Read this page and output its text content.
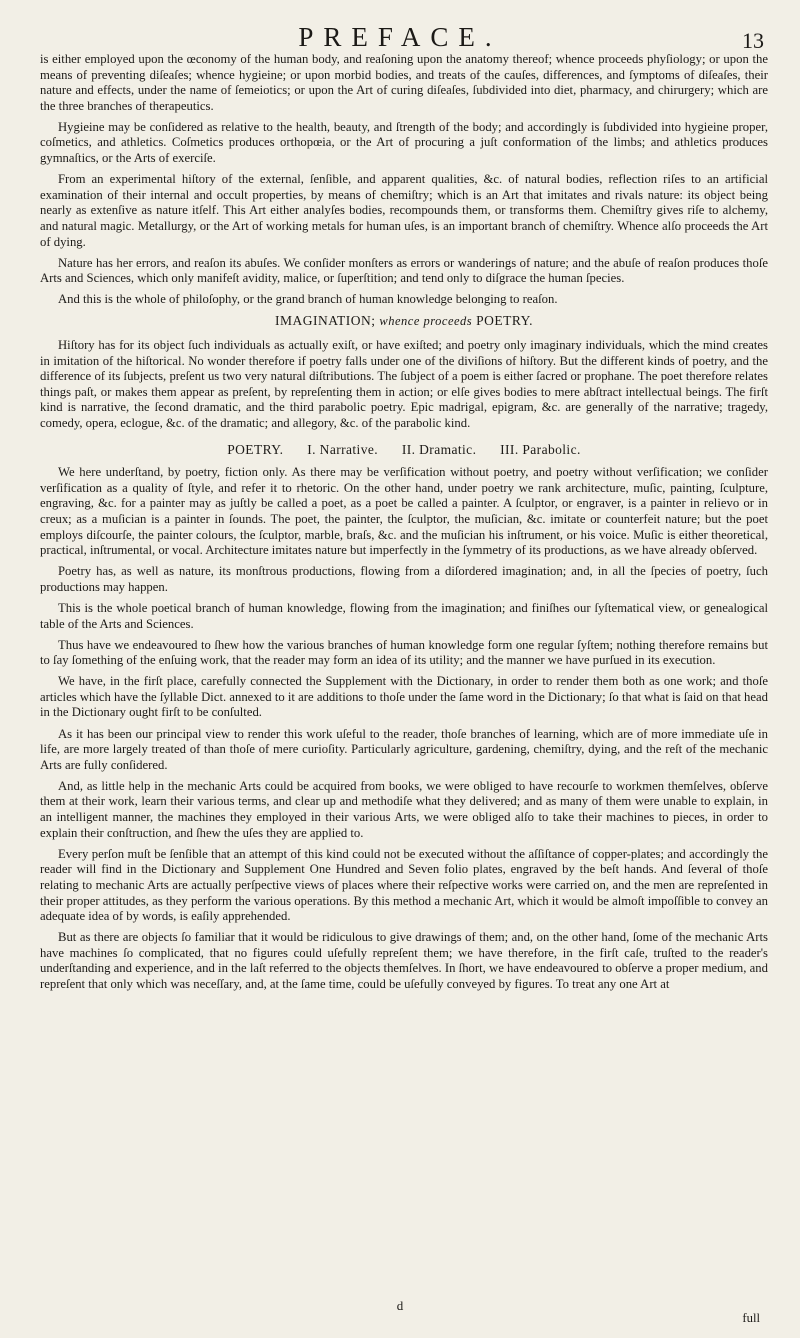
PREFACE.	13

is either employed upon the œconomy of the human body, and reaſoning upon the anatomy thereof; whence proceeds phyſiology; or upon the means of preventing diſeaſes; whence hygieine; or upon morbid bodies, and treats of the cauſes, differences, and ſymptoms of diſeaſes, their nature and effects, under the name of ſemeiotics; or upon the Art of curing diſeaſes, ſubdivided into diet, pharmacy, and chirurgery; which are the three branches of therapeutics.

Hygieine may be conſidered as relative to the health, beauty, and ſtrength of the body; and accordingly is ſubdivided into hygieine proper, coſmetics, and athletics. Coſmetics produces orthopœia, or the Art of procuring a juſt conformation of the limbs; and athletics produces gymnaſtics, or the Arts of exerciſe.

From an experimental hiſtory of the external, ſenſible, and apparent qualities, &c. of natural bodies, reflection riſes to an artificial examination of their internal and occult properties, by means of chemiſtry; which is an Art that imitates and rivals nature: its object being nearly as extenſive as nature itſelf. This Art either analyſes bodies, recompounds them, or transforms them. Chemiſtry gives riſe to alchemy, and natural magic. Metallurgy, or the Art of working metals for human uſes, is an important branch of chemiſtry. Whence alſo proceeds the Art of dying.

Nature has her errors, and reaſon its abuſes. We conſider monſters as errors or wanderings of nature; and the abuſe of reaſon produces thoſe Arts and Sciences, which only manifeſt avidity, malice, or ſuperſtition; and tend only to diſgrace the human ſpecies.

And this is the whole of philoſophy, or the grand branch of human knowledge belonging to reaſon.

IMAGINATION; whence proceeds POETRY.

Hiſtory has for its object ſuch individuals as actually exiſt, or have exiſted; and poetry only imaginary individuals, which the mind creates in imitation of the hiſtorical. No wonder therefore if poetry falls under one of the diviſions of hiſtory. But the different kinds of poetry, and the difference of its ſubjects, preſent us two very natural diſtributions. The ſubject of a poem is either ſacred or prophane. The poet therefore relates things paſt, or makes them appear as preſent, by repreſenting them in action; or elſe gives bodies to mere abſtract intellectual beings. The firſt kind is narrative, the ſecond dramatic, and the third parabolic poetry. Epic madrigal, epigram, &c. are generally of the narrative; tragedy, comedy, opera, eclogue, &c. of the dramatic; and allegory, &c. of the parabolic kind.

POETRY. I. Narrative. II. Dramatic. III. Parabolic.

We here underſtand, by poetry, fiction only. As there may be verſification without poetry, and poetry without verſification; we conſider verſification as a quality of ſtyle, and refer it to rhetoric. On the other hand, under poetry we rank architecture, muſic, painting, ſculpture, engraving, &c. for a painter may as juſtly be called a poet, as a poet be called a painter. A ſculptor, or engraver, is a painter in relievo or in creux; as a muſician is a painter in ſounds. The poet, the painter, the ſculptor, the muſician, &c. imitate or counterfeit nature; but the poet employs diſcourſe, the painter colours, the ſculptor, marble, braſs, &c. and the muſician his inſtrument, or his voice. Muſic is either theoretical, practical, inſtrumental, or vocal. Architecture imitates nature but imperfectly in the ſymmetry of its productions, as we have already obſerved.

Poetry has, as well as nature, its monſtrous productions, flowing from a diſordered imagination; and, in all the ſpecies of poetry, ſuch productions may happen.

This is the whole poetical branch of human knowledge, flowing from the imagination; and finiſhes our ſyſtematical view, or genealogical table of the Arts and Sciences.

Thus have we endeavoured to ſhew how the various branches of human knowledge form one regular ſyſtem; nothing therefore remains but to ſay ſomething of the enſuing work, that the reader may form an idea of its utility; and the manner we have purſued in its execution.

We have, in the firſt place, carefully connected the Supplement with the Dictionary, in order to render them both as one work; and thoſe articles which have the ſyllable Dict. annexed to it are additions to thoſe under the ſame word in the Dictionary; ſo that what is ſaid on that head in the Dictionary ought firſt to be conſulted.

As it has been our principal view to render this work uſeful to the reader, thoſe branches of learning, which are of more immediate uſe in life, are more largely treated of than thoſe of mere curioſity. Particularly agriculture, gardening, chemiſtry, dying, and the reſt of the mechanic Arts are fully conſidered.

And, as little help in the mechanic Arts could be acquired from books, we were obliged to have recourſe to workmen themſelves, obſerve them at their work, learn their various terms, and clear up and methodiſe what they delivered; and as many of them were unable to explain, in an intelligent manner, the machines they employed in their various Arts, we were obliged alſo to take their machines to pieces, in order to explain their conſtruction, and ſhew the uſes they are applied to.

Every perſon muſt be ſenſible that an attempt of this kind could not be executed without the aſſiſtance of copper-plates; and accordingly the reader will find in the Dictionary and Supplement One Hundred and Seven folio plates, engraved by the beſt hands. And ſeveral of thoſe relating to mechanic Arts are actually perſpective views of places where their reſpective works were carried on, and the men are repreſented in their proper attitudes, as they perform the various operations. By this method a mechanic Art, which it would be almoſt impoſſible to convey an adequate idea of by words, is eaſily apprehended.

But as there are objects ſo familiar that it would be ridiculous to give drawings of them; and, on the other hand, ſome of the mechanic Arts have machines ſo complicated, that no figures could uſefully repreſent them; we have therefore, in the firſt caſe, truſted to the reader's underſtanding and experience, and in the laſt referred to the objects themſelves. In ſhort, we have endeavoured to obſerve a proper medium, and repreſent that only which was neceſſary, and, at the ſame time, could be uſefully conveyed by figures. To treat any one Art at

d
full
